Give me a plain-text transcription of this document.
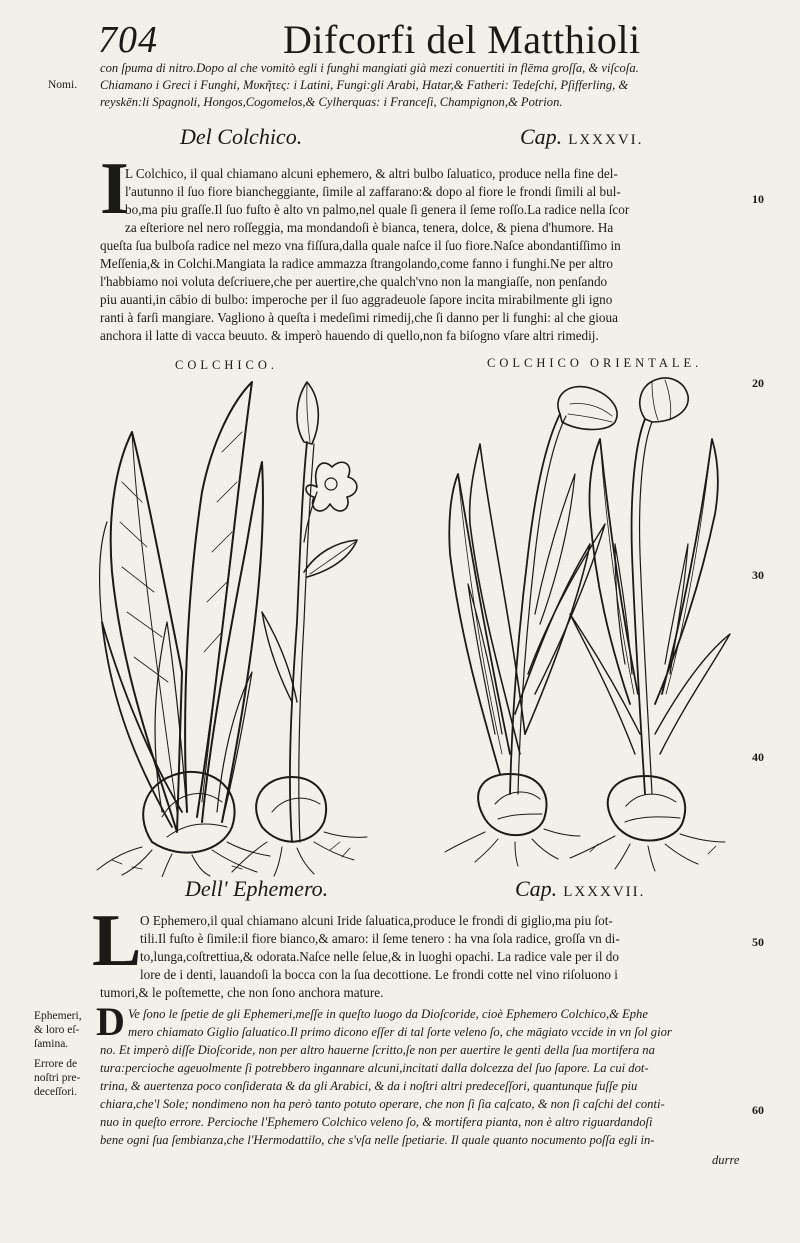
704	Difcorfi del Matthioli
con ſpuma di nitro.Dopo al che vomitò egli i funghi mangiati già mezi conuertiti in flēma groſſa, & viſcoſa.
Chiamano i Greci i Funghi, Μυκῆτες: i Latini, Fungi:gli Arabi, Hatar,& Fatheri: Tedeſchi, Pſifferling, &
reyskēn:li Spagnoli, Hongos,Cogomelos,& Cylherquas: i Franceſi, Champignon,& Potrion.
Nomi.
Del Colchico.	Cap. LXXXVI.
I
L Colchico, il qual chiamano alcuni ephemero, & altri bulbo ſaluatico, produce nella fine del-
l'autunno il ſuo fiore biancheggiante, ſimile al zaffarano:& dopo al fiore le frondi ſimili al bul-
bo,ma piu graſſe.Il ſuo fuſto è alto vn palmo,nel quale ſi genera il ſeme roſſo.La radice nella ſcor
za eſteriore nel nero roſſeggia, ma mondandoſi è bianca, tenera, dolce, & piena d'humore. Ha
queſta ſua bulboſa radice nel mezo vna fiſſura,dalla quale naſce il ſuo fiore.Naſce abondantiſſimo in
Meſſenia,& in Colchi.Mangiata la radice ammazza ſtrangolando,come fanno i funghi.Ne per altro
l'habbiamo noi voluta deſcriuere,che per auertire,che qualch'vno non la mangiaſſe, non penſando
piu auanti,in cābio di bulbo: imperoche per il ſuo aggradeuole ſapore incita mirabilmente gli igno
ranti à farſi mangiare. Vagliono à queſta i medeſimi rimedij,che ſi danno per li funghi: al che gioua
anchora il latte di vacca beuuto. & imperò hauendo di quello,non fa biſogno vſare altri rimedij.
10
20
30
40
50
60
COLCHICO.	COLCHICO ORIENTALE.
Dell' Ephemero.	Cap. LXXXVII.
L
O Ephemero,il qual chiamano alcuni Iride ſaluatica,produce le frondi di giglio,ma piu ſot-
tili.Il fuſto è ſimile:il fiore bianco,& amaro: il ſeme tenero : ha vna ſola radice, groſſa vn di-
to,lunga,coſtrettiua,& odorata.Naſce nelle ſelue,& in luoghi opachi. La radice vale per il do
lore de i denti, lauandoſi la bocca con la ſua decottione. Le frondi cotte nel vino riſoluono i
tumori,& le poſtemette, che non ſono anchora mature.
Ephemeri,
& loro eſ-
ſamina.
Errore de
noſtri pre-
deceſſori.
D Ve ſono le ſpetie de gli Ephemeri,meſſe in queſto luogo da Dioſcoride, cioè Ephemero Colchico,& Ephe
mero chiamato Giglio ſaluatico.Il primo dicono eſſer di tal ſorte veleno ſo, che māgiato vccide in vn ſol gior
no. Et imperò diſſe Dioſcoride, non per altro hauerne ſcritto,ſe non per auertire le genti della ſua mortifera na
tura:percioche ageuolmente ſi potrebbero ingannare alcuni,incitati dalla dolcezza del ſuo ſapore. La cui dot-
trina, & auertenza poco conſiderata & da gli Arabici, & da i noſtri altri predeceſſori, quantunque fuſſe piu
chiara,che'l Sole; nondimeno non ha però tanto potuto operare, che non ſi ſia caſcato, & non ſi caſchi del conti-
nuo in queſto errore. Percioche l'Ephemero Colchico veleno ſo, & mortifera pianta, non è altro riguardandoſi
bene ogni ſua ſembianza,che l'Hermodattilo, che s'vſa nelle ſpetiarie. Il quale quanto nocumento poſſa egli in-
durre
